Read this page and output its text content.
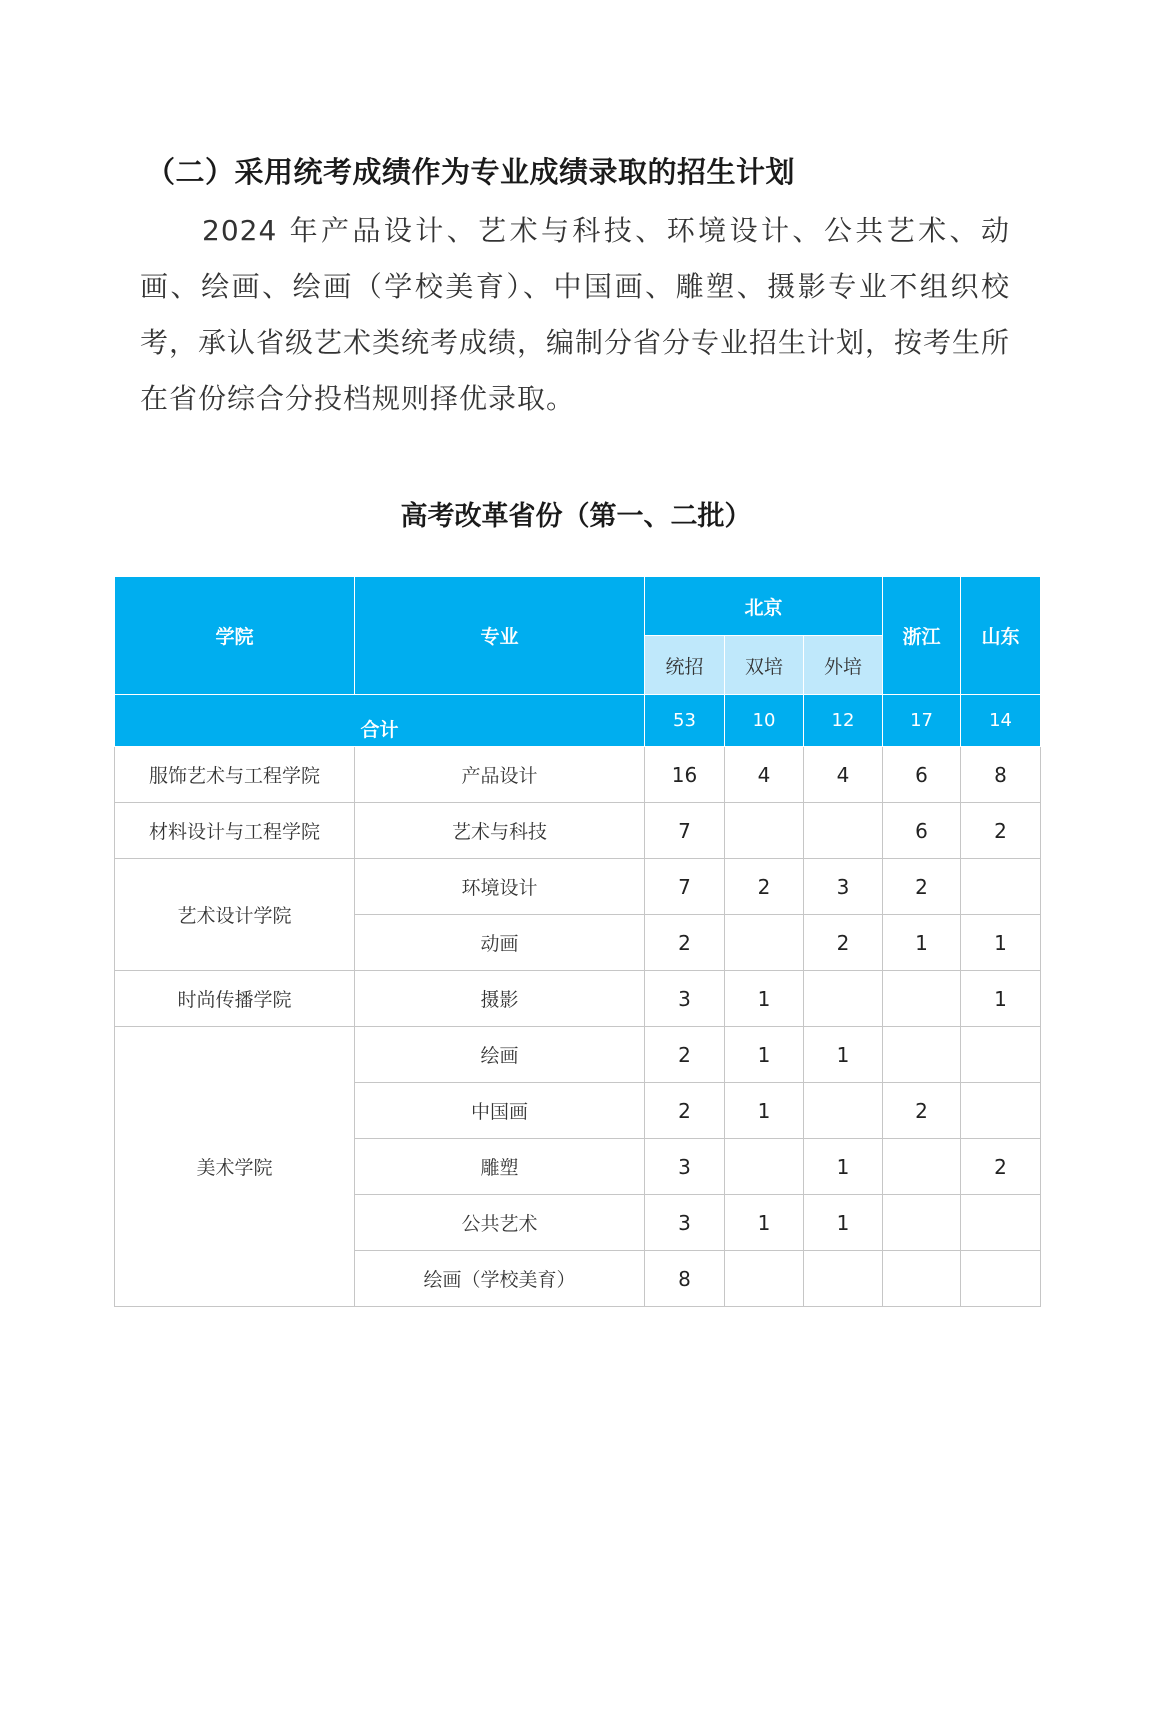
（二）采用统考成绩作为专业成绩录取的招生计划

2024 年产品设计、艺术与科技、环境设计、公共艺术、动画、绘画、绘画（学校美育）、中国画、雕塑、摄影专业不组织校考，承认省级艺术类统考成绩，编制分省分专业招生计划，按考生所在省份综合分投档规则择优录取。

高考改革省份（第一、二批）
学院	专业	北京			浙江	山东
		统招	双培	外培		
合计		53	10	12	17	14
服饰艺术与工程学院	产品设计	16	4	4	6	8
材料设计与工程学院	艺术与科技	7			6	2
艺术设计学院	环境设计	7	2	3	2	
	动画	2		2	1	1
时尚传播学院	摄影	3	1			1
美术学院	绘画	2	1	1		
	中国画	2	1		2	
	雕塑	3		1		2
	公共艺术	3	1	1		
	绘画（学校美育）	8				
